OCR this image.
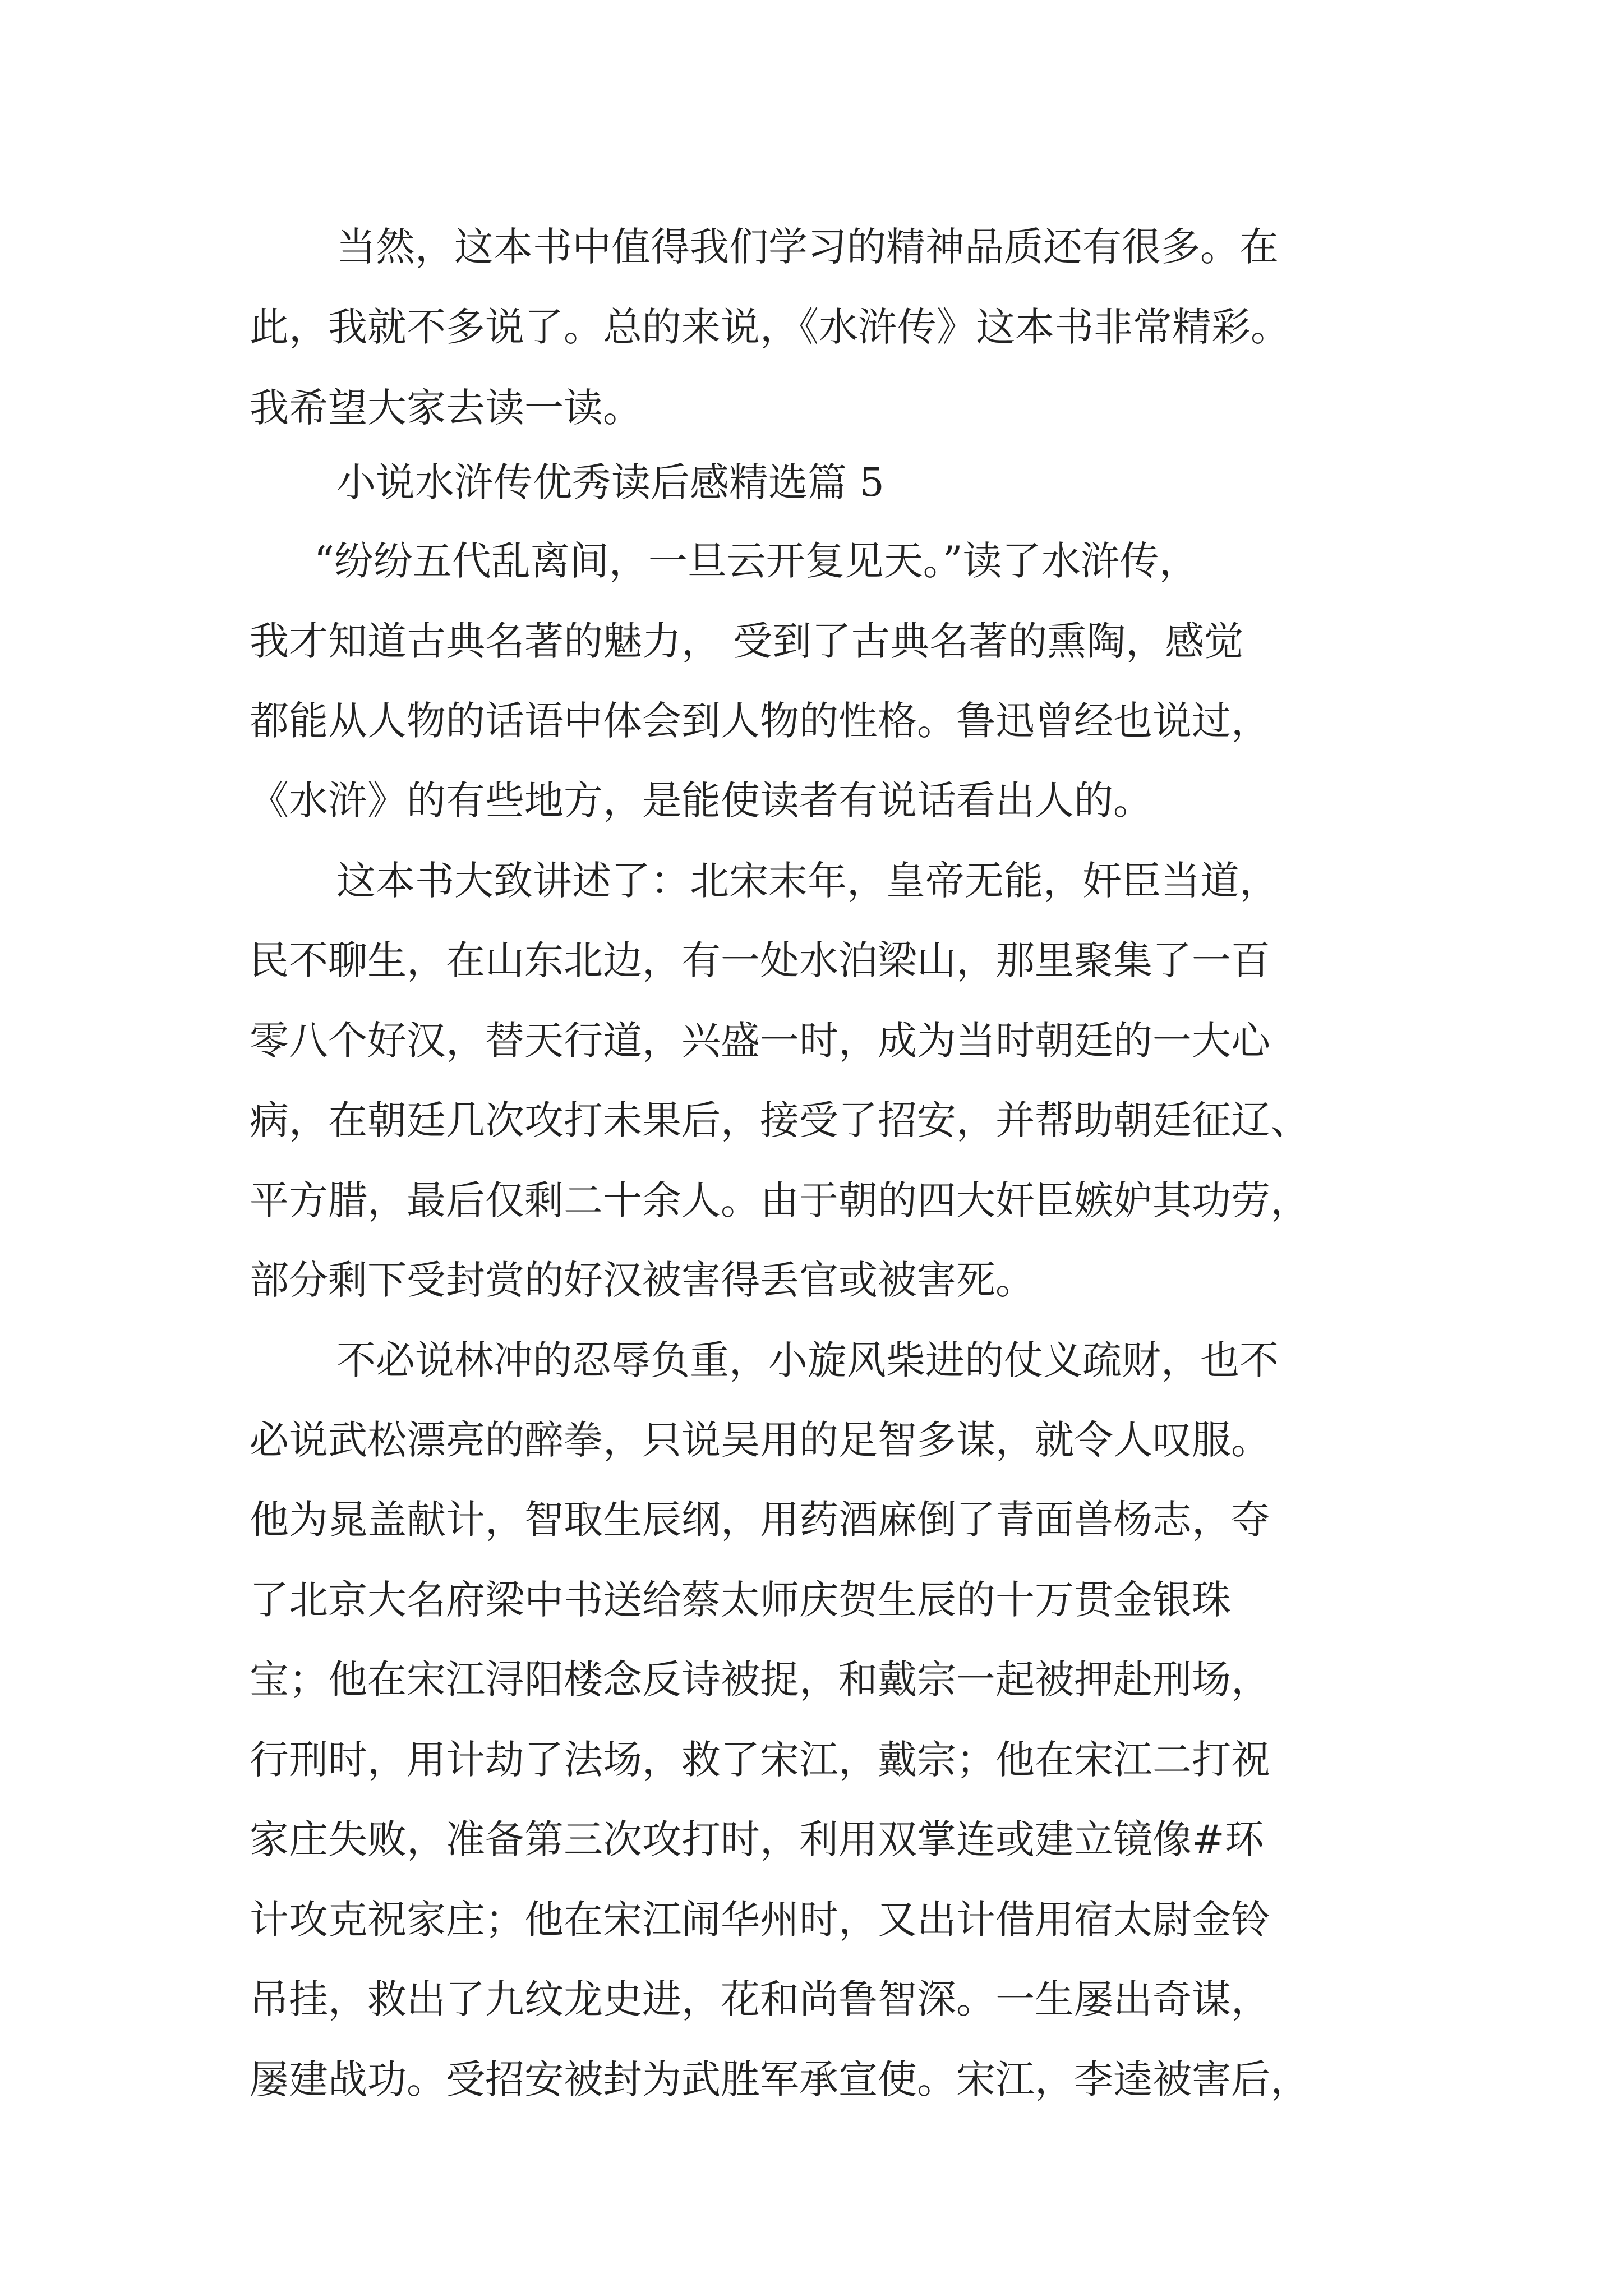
当然，这本书中值得我们学习的精神品质还有很多。在
此，我就不多说了。总的来说，《水浒传》这本书非常精彩。
我希望大家去读一读。
小说水浒传优秀读后感精选篇 5
“纷纷五代乱离间，一旦云开复见天。”读了水浒传，
我才知道古典名著的魅力， 受到了古典名著的熏陶，感觉
都能从人物的话语中体会到人物的性格。鲁迅曾经也说过，
《水浒》的有些地方，是能使读者有说话看出人的。
这本书大致讲述了：北宋末年，皇帝无能，奸臣当道，
民不聊生，在山东北边，有一处水泊梁山，那里聚集了一百
零八个好汉，替天行道，兴盛一时，成为当时朝廷的一大心
病，在朝廷几次攻打未果后，接受了招安，并帮助朝廷征辽、
平方腊，最后仅剩二十余人。由于朝的四大奸臣嫉妒其功劳，
部分剩下受封赏的好汉被害得丢官或被害死。
不必说林冲的忍辱负重，小旋风柴进的仗义疏财，也不
必说武松漂亮的醉拳，只说吴用的足智多谋，就令人叹服。
他为晁盖献计，智取生辰纲，用药酒麻倒了青面兽杨志，夺
了北京大名府梁中书送给蔡太师庆贺生辰的十万贯金银珠
宝；他在宋江浔阳楼念反诗被捉，和戴宗一起被押赴刑场，
行刑时，用计劫了法场，救了宋江，戴宗；他在宋江二打祝
家庄失败，准备第三次攻打时，利用双掌连或建立镜像#环
计攻克祝家庄；他在宋江闹华州时，又出计借用宿太尉金铃
吊挂，救出了九纹龙史进，花和尚鲁智深。一生屡出奇谋，
屡建战功。受招安被封为武胜军承宣使。宋江，李逵被害后，
